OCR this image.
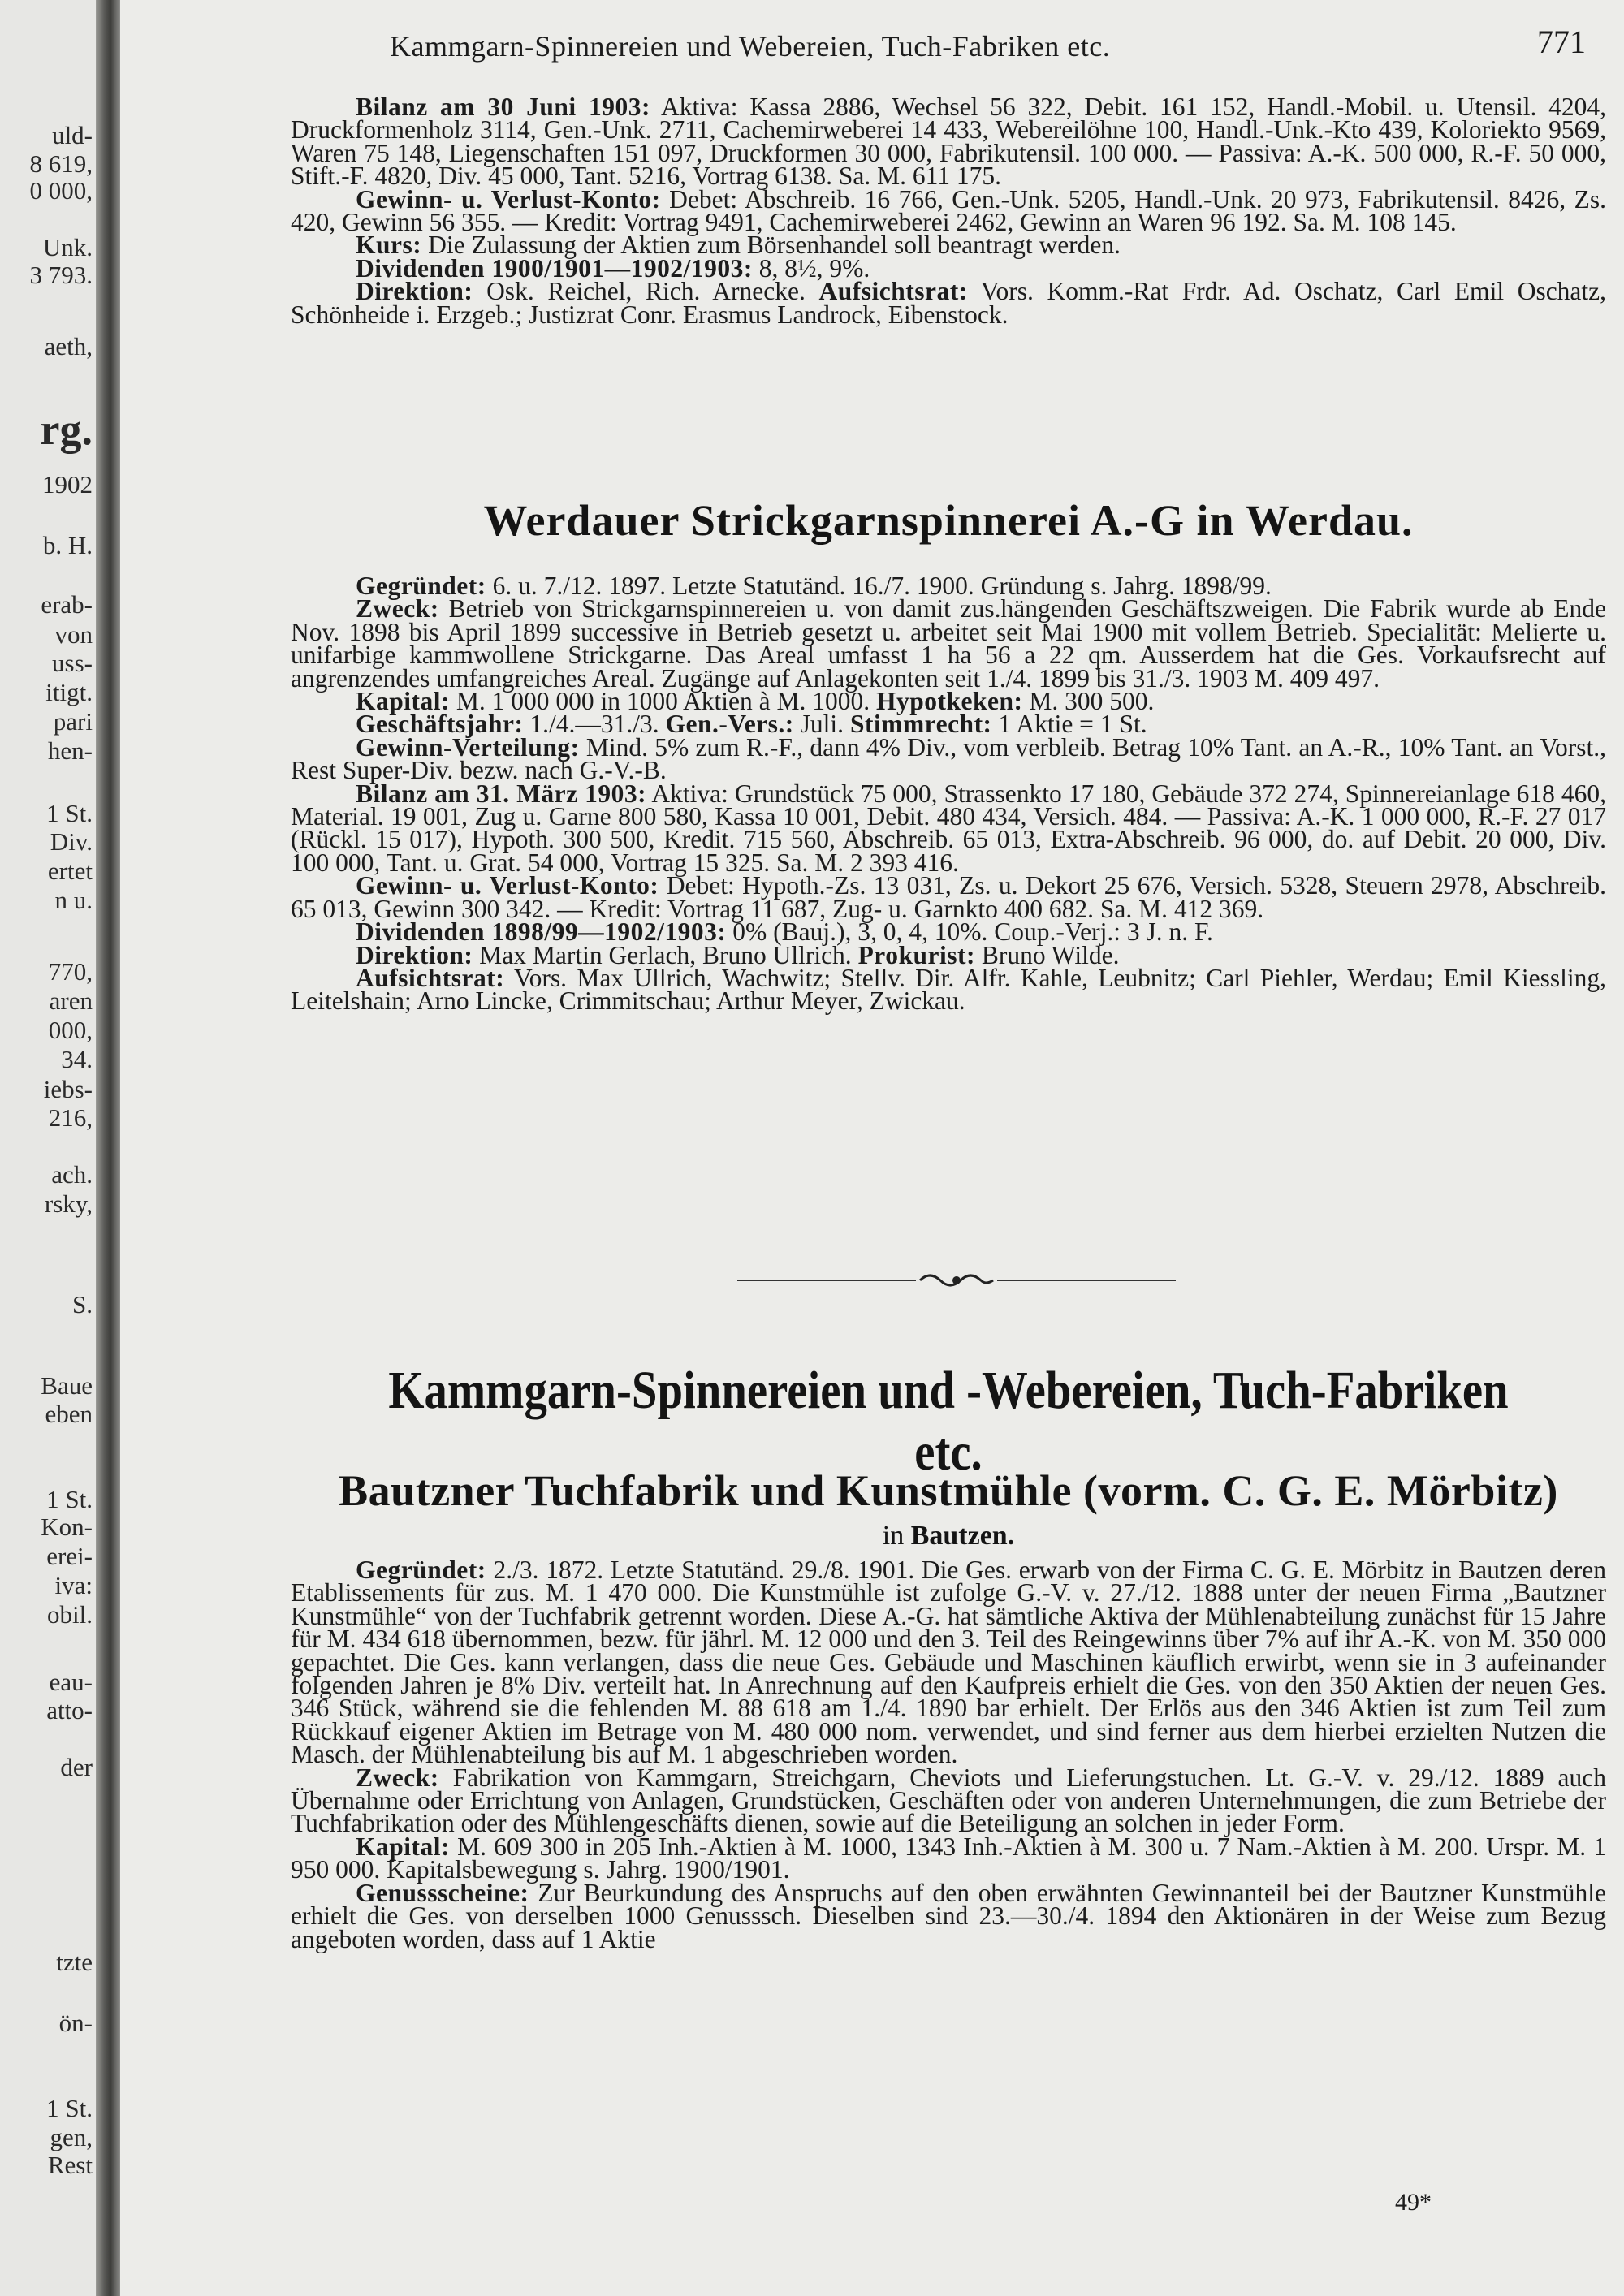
uld-
8 619,
0 000,
Unk.
3 793.
aeth,
rg.
1902
b. H.
erab-
von
uss-
itigt.
pari
hen-
1 St.
Div.
ertet
n u.
770,
aren
000,
34.
iebs-
216,
ach.
rsky,
S.
Baue
eben
1 St.
Kon-
erei-
iva:
obil.
eau-
atto-
der
tzte
ön-
1 St.
gen,
Rest
Kammgarn-Spinnereien und Webereien, Tuch-Fabriken etc.	771

Bilanz am 30 Juni 1903: Aktiva: Kassa 2886, Wechsel 56 322, Debit. 161 152, Handl.-Mobil. u. Utensil. 4204, Druckformenholz 3114, Gen.-Unk. 2711, Cachemirweberei 14 433, Webereilöhne 100, Handl.-Unk.-Kto 439, Koloriekto 9569, Waren 75 148, Liegenschaften 151 097, Druckformen 30 000, Fabrikutensil. 100 000. — Passiva: A.-K. 500 000, R.-F. 50 000, Stift.-F. 4820, Div. 45 000, Tant. 5216, Vortrag 6138. Sa. M. 611 175.

Gewinn- u. Verlust-Konto: Debet: Abschreib. 16 766, Gen.-Unk. 5205, Handl.-Unk. 20 973, Fabrikutensil. 8426, Zs. 420, Gewinn 56 355. — Kredit: Vortrag 9491, Cachemirweberei 2462, Gewinn an Waren 96 192. Sa. M. 108 145.

Kurs: Die Zulassung der Aktien zum Börsenhandel soll beantragt werden.

Dividenden 1900/1901—1902/1903: 8, 8½, 9%.

Direktion: Osk. Reichel, Rich. Arnecke. Aufsichtsrat: Vors. Komm.-Rat Frdr. Ad. Oschatz, Carl Emil Oschatz, Schönheide i. Erzgeb.; Justizrat Conr. Erasmus Landrock, Eibenstock.

Werdauer Strickgarnspinnerei A.-G in Werdau.

Gegründet: 6. u. 7./12. 1897. Letzte Statutänd. 16./7. 1900. Gründung s. Jahrg. 1898/99.

Zweck: Betrieb von Strickgarnspinnereien u. von damit zus.hängenden Geschäftszweigen. Die Fabrik wurde ab Ende Nov. 1898 bis April 1899 successive in Betrieb gesetzt u. arbeitet seit Mai 1900 mit vollem Betrieb. Specialität: Melierte u. unifarbige kammwollene Strickgarne. Das Areal umfasst 1 ha 56 a 22 qm. Ausserdem hat die Ges. Vorkaufsrecht auf angrenzendes umfangreiches Areal. Zugänge auf Anlagekonten seit 1./4. 1899 bis 31./3. 1903 M. 409 497.

Kapital: M. 1 000 000 in 1000 Aktien à M. 1000. Hypotkeken: M. 300 500.

Geschäftsjahr: 1./4.—31./3. Gen.-Vers.: Juli. Stimmrecht: 1 Aktie = 1 St.

Gewinn-Verteilung: Mind. 5% zum R.-F., dann 4% Div., vom verbleib. Betrag 10% Tant. an A.-R., 10% Tant. an Vorst., Rest Super-Div. bezw. nach G.-V.-B.

Bilanz am 31. März 1903: Aktiva: Grundstück 75 000, Strassenkto 17 180, Gebäude 372 274, Spinnereianlage 618 460, Material. 19 001, Zug u. Garne 800 580, Kassa 10 001, Debit. 480 434, Versich. 484. — Passiva: A.-K. 1 000 000, R.-F. 27 017 (Rückl. 15 017), Hypoth. 300 500, Kredit. 715 560, Abschreib. 65 013, Extra-Abschreib. 96 000, do. auf Debit. 20 000, Div. 100 000, Tant. u. Grat. 54 000, Vortrag 15 325. Sa. M. 2 393 416.

Gewinn- u. Verlust-Konto: Debet: Hypoth.-Zs. 13 031, Zs. u. Dekort 25 676, Versich. 5328, Steuern 2978, Abschreib. 65 013, Gewinn 300 342. — Kredit: Vortrag 11 687, Zug- u. Garnkto 400 682. Sa. M. 412 369.

Dividenden 1898/99—1902/1903: 0% (Bauj.), 3, 0, 4, 10%. Coup.-Verj.: 3 J. n. F.

Direktion: Max Martin Gerlach, Bruno Ullrich. Prokurist: Bruno Wilde.

Aufsichtsrat: Vors. Max Ullrich, Wachwitz; Stellv. Dir. Alfr. Kahle, Leubnitz; Carl Piehler, Werdau; Emil Kiessling, Leitelshain; Arno Lincke, Crimmitschau; Arthur Meyer, Zwickau.

Kammgarn-Spinnereien und -Webereien, Tuch-Fabriken etc.
Bautzner Tuchfabrik und Kunstmühle (vorm. C. G. E. Mörbitz)
in Bautzen.

Gegründet: 2./3. 1872. Letzte Statutänd. 29./8. 1901. Die Ges. erwarb von der Firma C. G. E. Mörbitz in Bautzen deren Etablissements für zus. M. 1 470 000. Die Kunstmühle ist zufolge G.-V. v. 27./12. 1888 unter der neuen Firma „Bautzner Kunstmühle“ von der Tuchfabrik getrennt worden. Diese A.-G. hat sämtliche Aktiva der Mühlenabteilung zunächst für 15 Jahre für M. 434 618 übernommen, bezw. für jährl. M. 12 000 und den 3. Teil des Reingewinns über 7% auf ihr A.-K. von M. 350 000 gepachtet. Die Ges. kann verlangen, dass die neue Ges. Gebäude und Maschinen käuflich erwirbt, wenn sie in 3 aufeinander folgenden Jahren je 8% Div. verteilt hat. In Anrechnung auf den Kaufpreis erhielt die Ges. von den 350 Aktien der neuen Ges. 346 Stück, während sie die fehlenden M. 88 618 am 1./4. 1890 bar erhielt. Der Erlös aus den 346 Aktien ist zum Teil zum Rückkauf eigener Aktien im Betrage von M. 480 000 nom. verwendet, und sind ferner aus dem hierbei erzielten Nutzen die Masch. der Mühlenabteilung bis auf M. 1 abgeschrieben worden.

Zweck: Fabrikation von Kammgarn, Streichgarn, Cheviots und Lieferungstuchen. Lt. G.-V. v. 29./12. 1889 auch Übernahme oder Errichtung von Anlagen, Grundstücken, Geschäften oder von anderen Unternehmungen, die zum Betriebe der Tuchfabrikation oder des Mühlengeschäfts dienen, sowie auf die Beteiligung an solchen in jeder Form.

Kapital: M. 609 300 in 205 Inh.-Aktien à M. 1000, 1343 Inh.-Aktien à M. 300 u. 7 Nam.-Aktien à M. 200. Urspr. M. 1 950 000. Kapitalsbewegung s. Jahrg. 1900/1901.

Genussscheine: Zur Beurkundung des Anspruchs auf den oben erwähnten Gewinnanteil bei der Bautzner Kunstmühle erhielt die Ges. von derselben 1000 Genusssch. Dieselben sind 23.—30./4. 1894 den Aktionären in der Weise zum Bezug angeboten worden, dass auf 1 Aktie

49*
